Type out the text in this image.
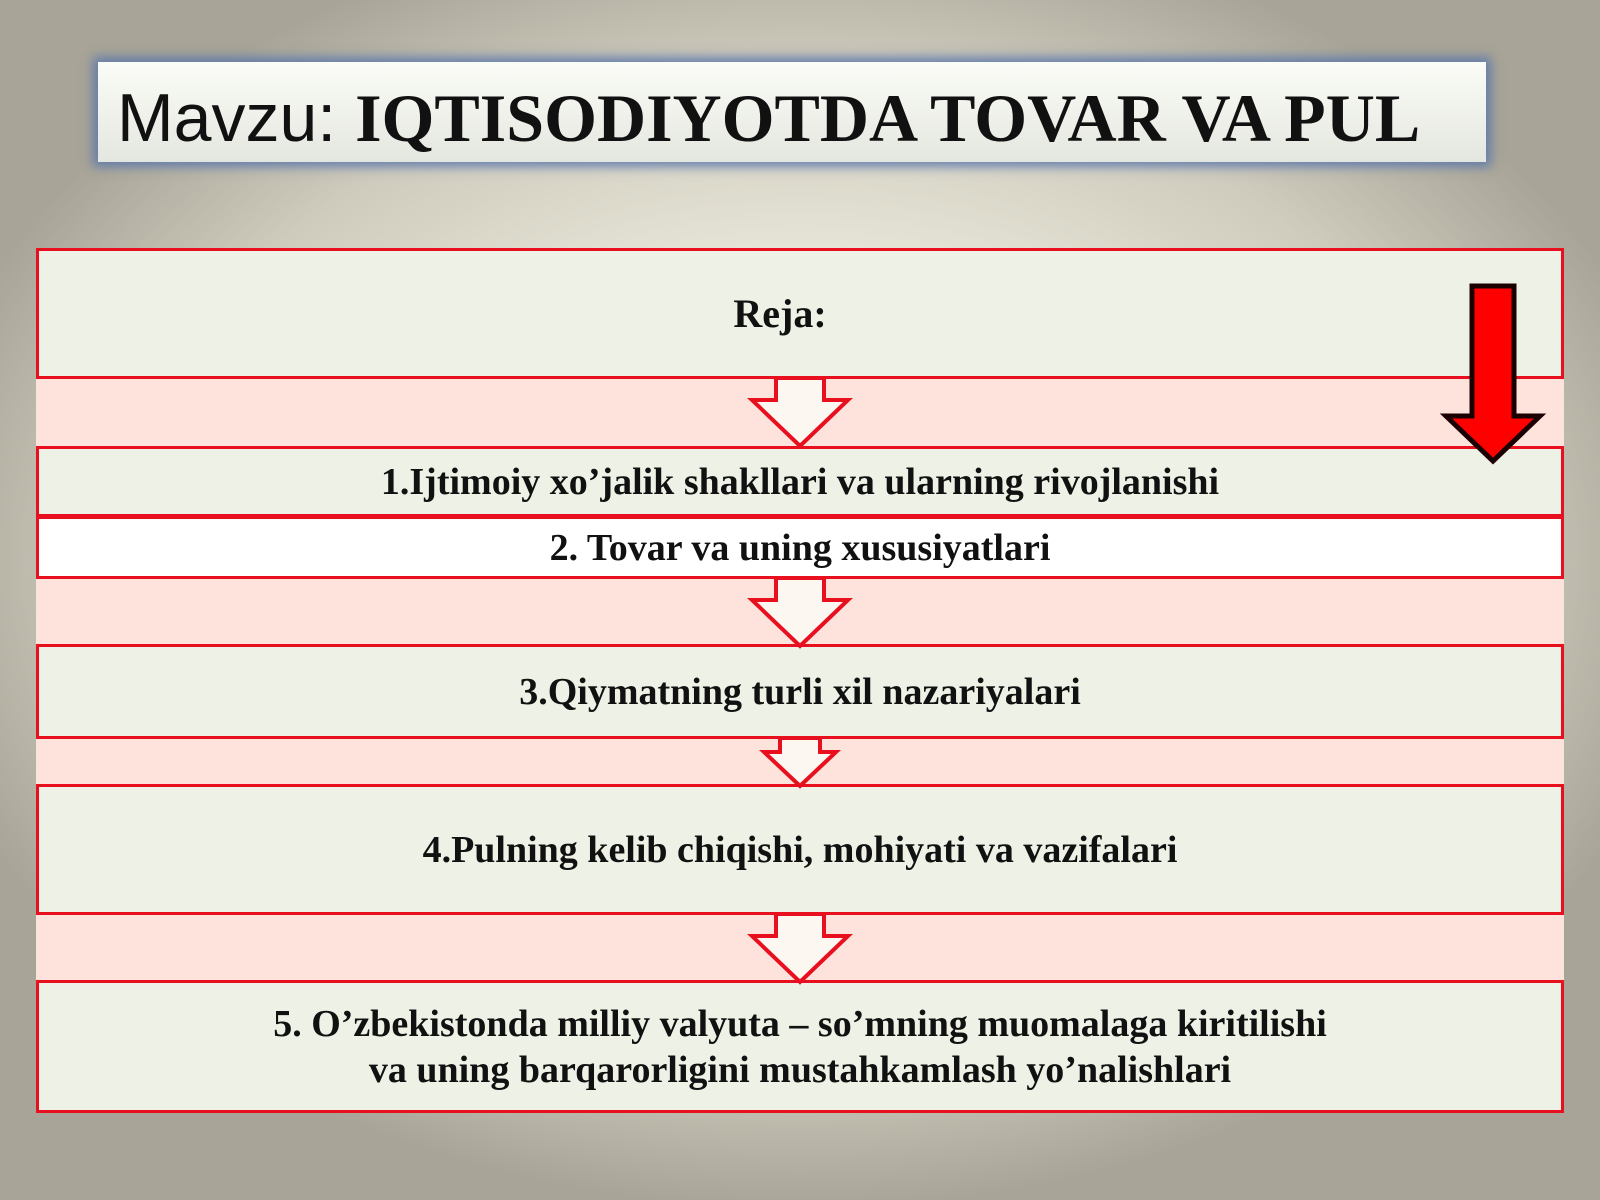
Mavzu: IQTISODIYOTDA TOVAR VA PUL
Reja:
1.Ijtimoiy xo’jalik shakllari va ularning rivojlanishi
2. Tovar va uning xususiyatlari
3.Qiymatning turli xil nazariyalari
4.Pulning kelib chiqishi, mohiyati va vazifalari
5. O’zbekistonda milliy valyuta – so’mning muomalaga kiritilishi
va uning barqarorligini mustahkamlash yo’nalishlari
